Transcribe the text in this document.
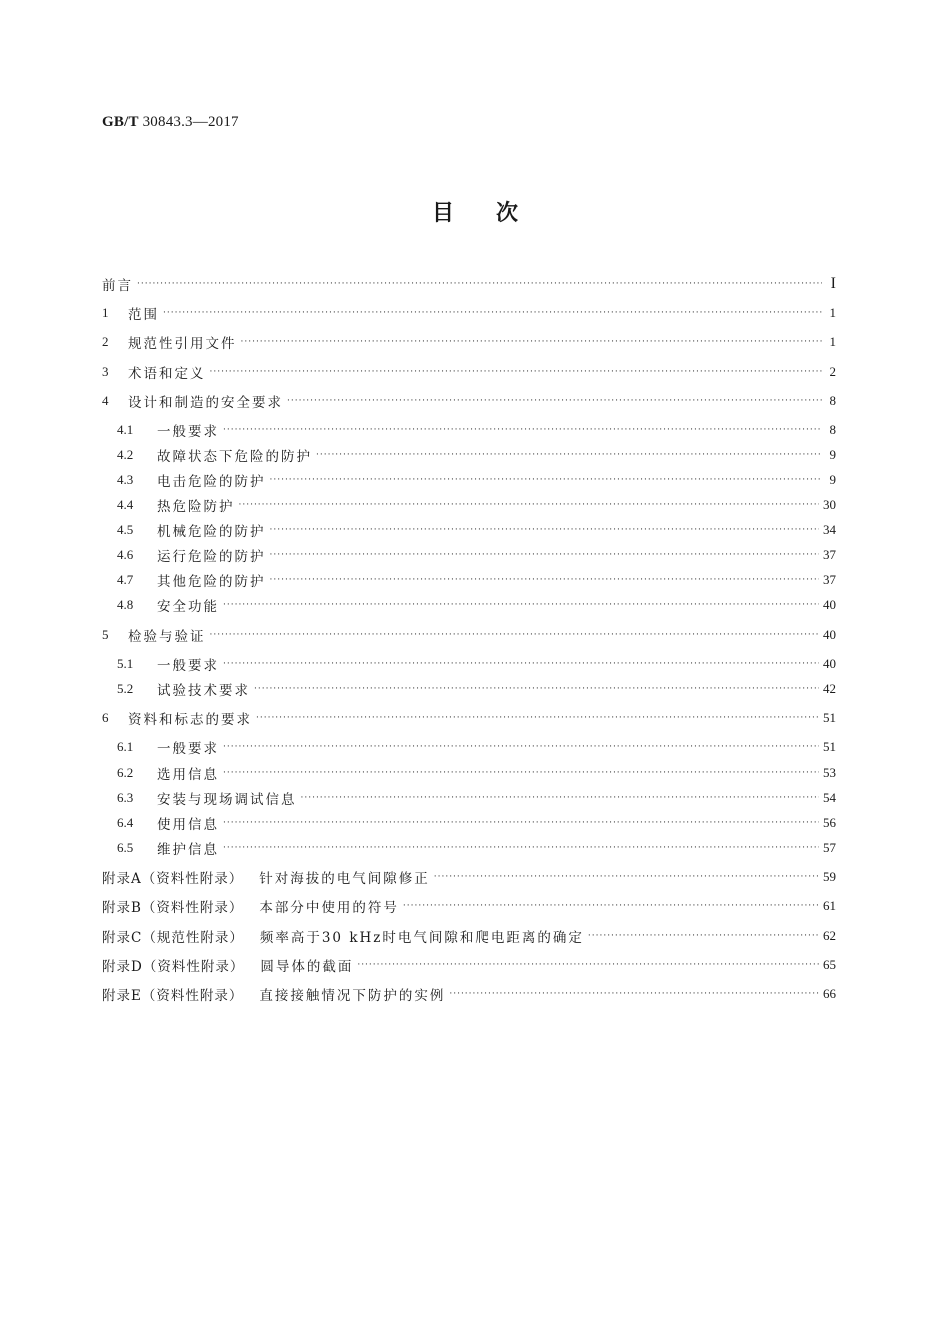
GB/T 30843.3—2017
目次
前言 ·····	I
1	范围 ·····	1
2	规范性引用文件 ·····	1
3	术语和定义 ·····	2
4	设计和制造的安全要求 ·····	8
4.1	一般要求 ·····	8
4.2	故障状态下危险的防护 ·····	9
4.3	电击危险的防护 ·····	9
4.4	热危险防护 ·····	30
4.5	机械危险的防护 ·····	34
4.6	运行危险的防护 ·····	37
4.7	其他危险的防护 ·····	37
4.8	安全功能 ·····	40
5	检验与验证 ·····	40
5.1	一般要求 ·····	40
5.2	试验技术要求 ·····	42
6	资料和标志的要求 ·····	51
6.1	一般要求 ·····	51
6.2	选用信息 ·····	53
6.3	安装与现场调试信息 ·····	54
6.4	使用信息 ·····	56
6.5	维护信息 ·····	57
附录A（资料性附录） 针对海拔的电气间隙修正 ·····	59
附录B（资料性附录） 本部分中使用的符号 ·····	61
附录C（规范性附录） 频率高于30 kHz时电气间隙和爬电距离的确定 ·····	62
附录D（资料性附录） 圆导体的截面 ·····	65
附录E（资料性附录） 直接接触情况下防护的实例 ·····	66
